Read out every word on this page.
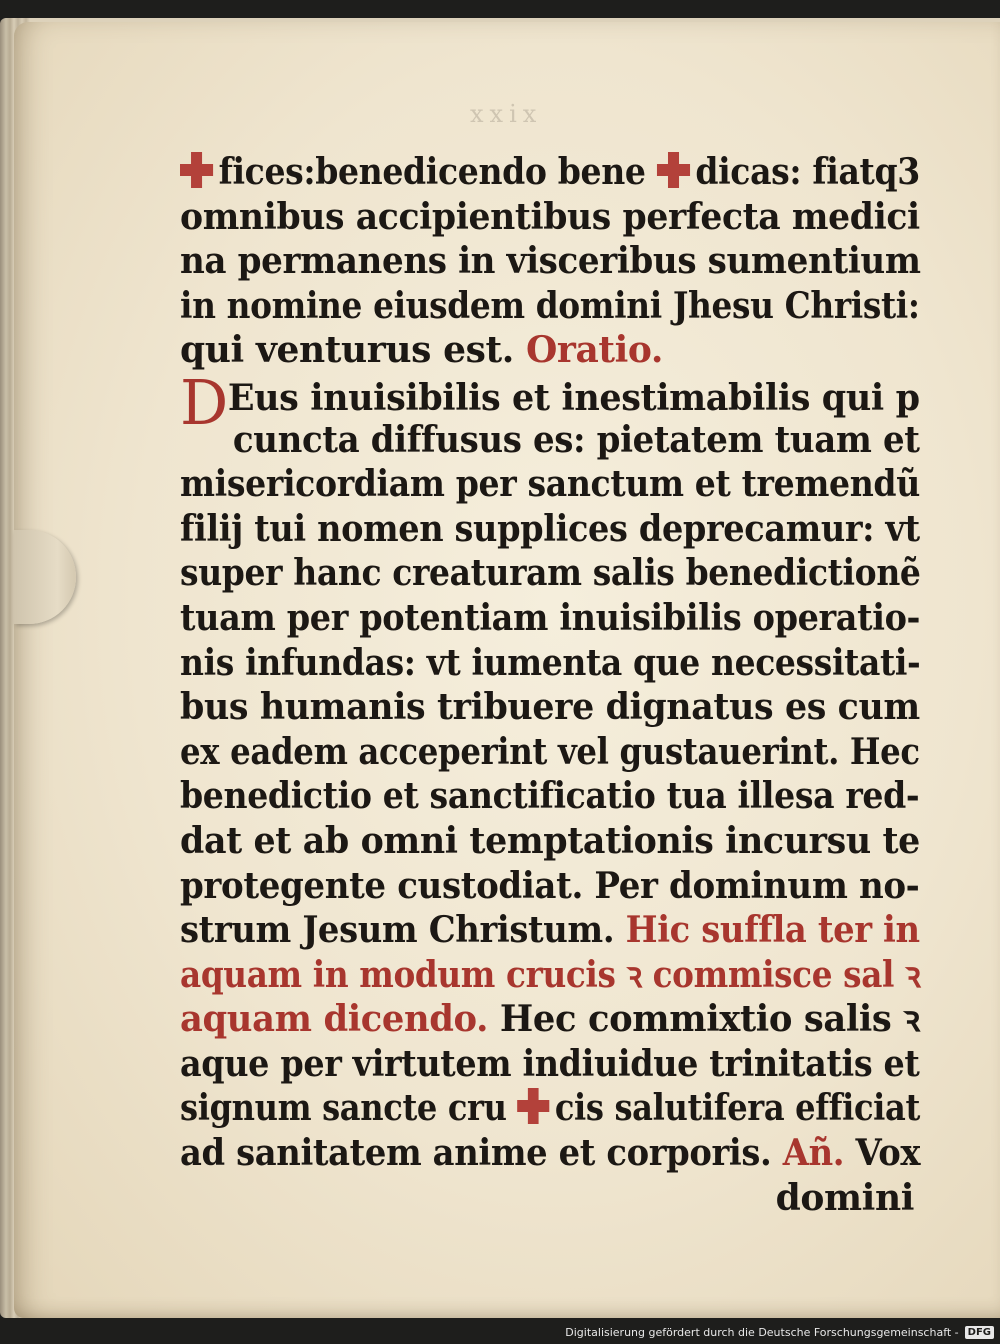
xxix
fices:benedicendo bene dicas: fiatq3
omnibus accipientibus perfecta medici
na permanens in visceribus sumentium
in nomine eiusdem domini Jhesu Christi:
qui venturus est. Oratio.
DEus inuisibilis et inestimabilis qui p
cuncta diffusus es: pietatem tuam et
misericordiam per sanctum et tremendũ
filij tui nomen supplices deprecamur: vt
super hanc creaturam salis benedictionẽ
tuam per potentiam inuisibilis operatio-
nis infundas: vt iumenta que necessitati-
bus humanis tribuere dignatus es cum
ex eadem acceperint vel gustauerint. Hec
benedictio et sanctificatio tua illesa red-
dat et ab omni temptationis incursu te
protegente custodiat. Per dominum no-
strum Jesum Christum. Hic suffla ter in
aquam in modum crucis ꝛ commisce sal ꝛ
aquam dicendo. Hec commixtio salis ꝛ
aque per virtutem indiuidue trinitatis et
signum sancte cru cis salutifera efficiat
ad sanitatem anime et corporis. Añ. Vox
domini
Digitalisierung gefördert durch die Deutsche Forschungsgemeinschaft - DFG
